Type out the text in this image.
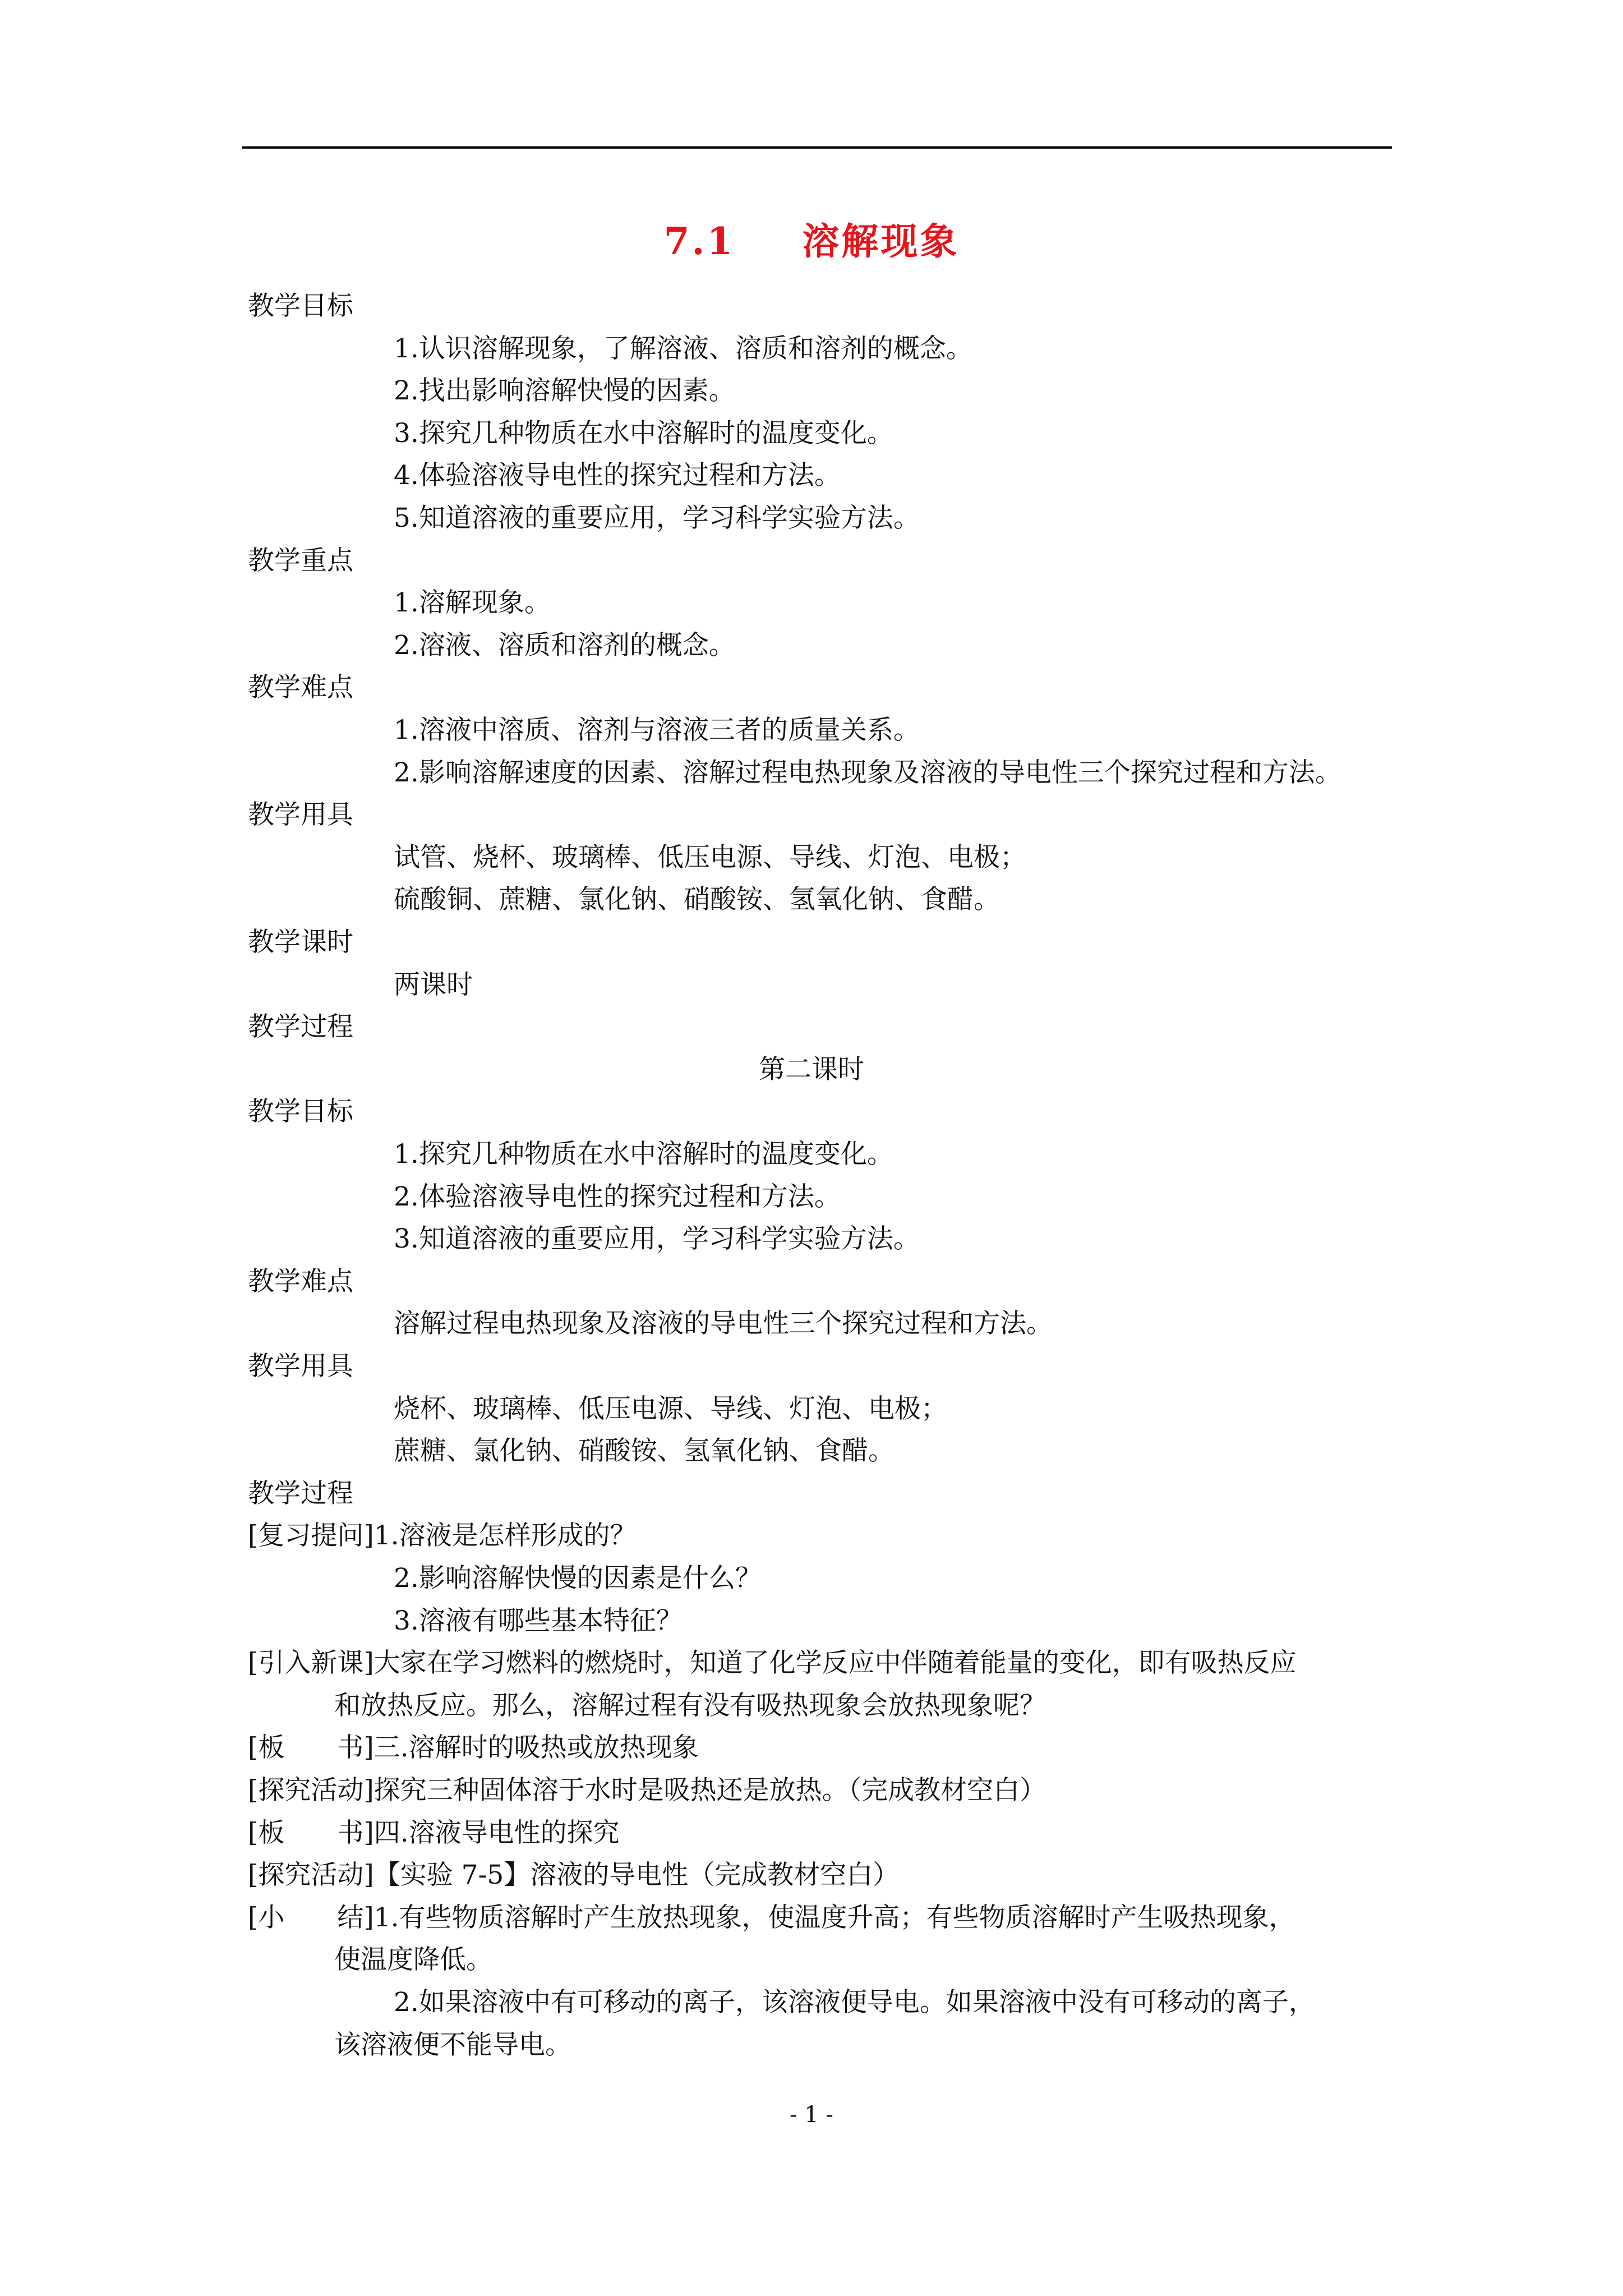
7.1 溶解现象
教学目标
1.认识溶解现象，了解溶液、溶质和溶剂的概念。
2.找出影响溶解快慢的因素。
3.探究几种物质在水中溶解时的温度变化。
4.体验溶液导电性的探究过程和方法。
5.知道溶液的重要应用，学习科学实验方法。
教学重点
1.溶解现象。
2.溶液、溶质和溶剂的概念。
教学难点
1.溶液中溶质、溶剂与溶液三者的质量关系。
2.影响溶解速度的因素、溶解过程电热现象及溶液的导电性三个探究过程和方法。
教学用具
试管、烧杯、玻璃棒、低压电源、导线、灯泡、电极；
硫酸铜、蔗糖、氯化钠、硝酸铵、氢氧化钠、食醋。
教学课时
两课时
教学过程
第二课时
教学目标
1.探究几种物质在水中溶解时的温度变化。
2.体验溶液导电性的探究过程和方法。
3.知道溶液的重要应用，学习科学实验方法。
教学难点
溶解过程电热现象及溶液的导电性三个探究过程和方法。
教学用具
烧杯、玻璃棒、低压电源、导线、灯泡、电极；
蔗糖、氯化钠、硝酸铵、氢氧化钠、食醋。
教学过程
[复习提问]1.溶液是怎样形成的？
2.影响溶解快慢的因素是什么？
3.溶液有哪些基本特征？
[引入新课]大家在学习燃料的燃烧时，知道了化学反应中伴随着能量的变化，即有吸热反应
和放热反应。那么，溶解过程有没有吸热现象会放热现象呢？
[板　　书]三.溶解时的吸热或放热现象
[探究活动]探究三种固体溶于水时是吸热还是放热。（完成教材空白）
[板　　书]四.溶液导电性的探究
[探究活动]【实验 7-5】溶液的导电性（完成教材空白）
[小　　结]1.有些物质溶解时产生放热现象，使温度升高；有些物质溶解时产生吸热现象，
使温度降低。
2.如果溶液中有可移动的离子，该溶液便导电。如果溶液中没有可移动的离子，
该溶液便不能导电。
- 1 -
